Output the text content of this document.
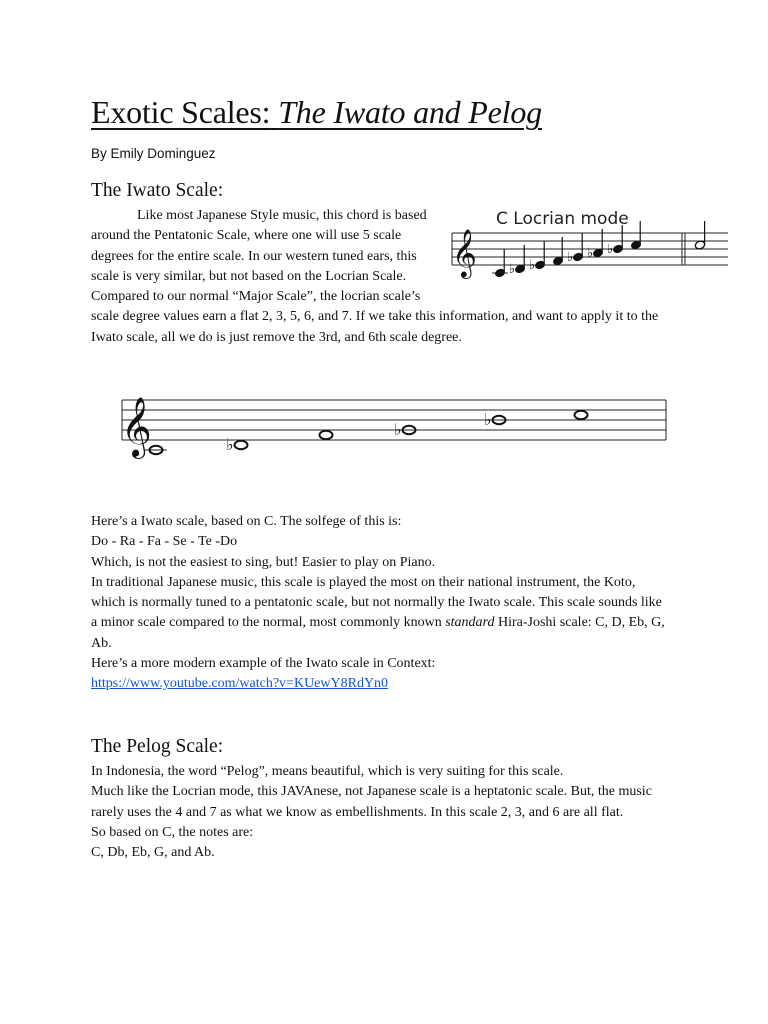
Exotic Scales: The Iwato and Pelog
By Emily Dominguez
The Iwato Scale:
Like most Japanese Style music, this chord is based
around the Pentatonic Scale, where one will use 5 scale
degrees for the entire scale. In our western tuned ears, this
scale is very similar, but not based on the Locrian Scale.
Compared to our normal “Major Scale”, the locrian scale’s
scale degree values earn a flat 2, 3, 5, 6, and 7. If we take this information, and want to apply it to the
Iwato scale, all we do is just remove the 3rd, and 6th scale degree.
Here’s a Iwato scale, based on C. The solfege of this is:
Do - Ra - Fa - Se - Te -Do
Which, is not the easiest to sing, but! Easier to play on Piano.
In traditional Japanese music, this scale is played the most on their national instrument, the Koto,
which is normally tuned to a pentatonic scale, but not normally the Iwato scale. This scale sounds like
a minor scale compared to the normal, most commonly known standard Hira-Joshi scale: C, D, Eb, G,
Ab.
Here’s a more modern example of the Iwato scale in Context:
https://www.youtube.com/watch?v=KUewY8RdYn0
The Pelog Scale:
In Indonesia, the word “Pelog”, means beautiful, which is very suiting for this scale.
Much like the Locrian mode, this JAVAnese, not Japanese scale is a heptatonic scale. But, the music
rarely uses the 4 and 7 as what we know as embellishments. In this scale 2, 3, and 6 are all flat.
So based on C, the notes are:
C, Db, Eb, G, and Ab.
C Locrian mode
𝄞 ♭ ♭
♭ ♭ ♭
𝄞	♭
♭
♭
